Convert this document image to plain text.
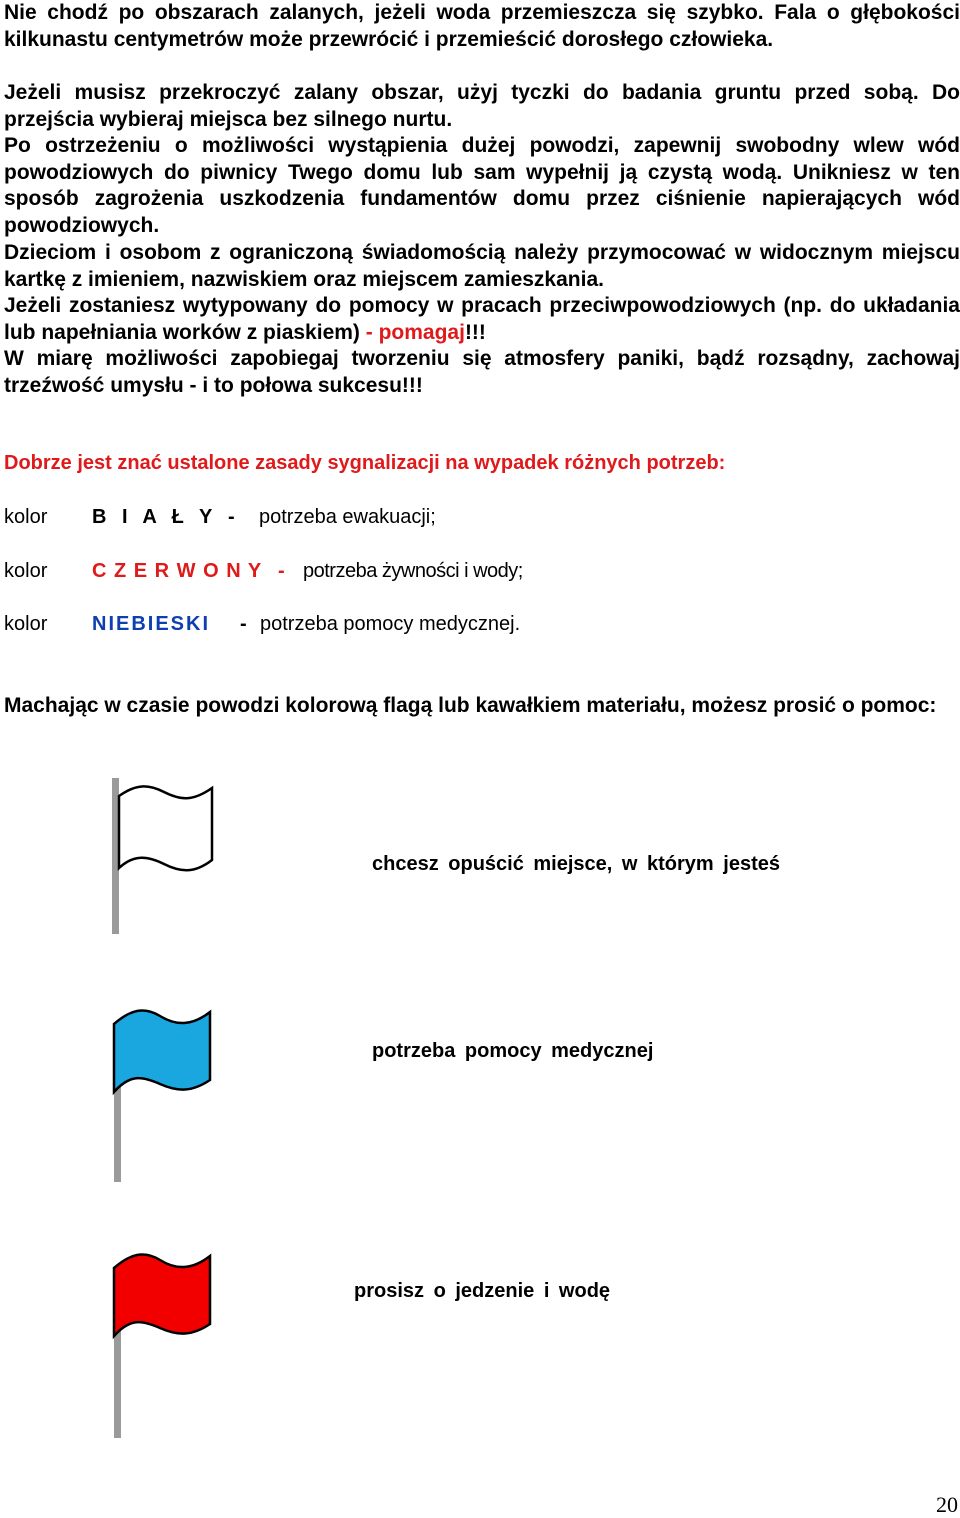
Nie chodź po obszarach zalanych, jeżeli woda przemieszcza się szybko. Fala o głębokości kilkunastu centymetrów może przewrócić i przemieścić dorosłego człowieka.

Jeżeli musisz przekroczyć zalany obszar, użyj tyczki do badania gruntu przed sobą. Do przejścia wybieraj miejsca bez silnego nurtu.

Po ostrzeżeniu o możliwości wystąpienia dużej powodzi, zapewnij swobodny wlew wód powodziowych do piwnicy Twego domu lub sam wypełnij ją czystą wodą. Unikniesz w ten sposób zagrożenia uszkodzenia fundamentów domu przez ciśnienie napierających wód powodziowych.

Dzieciom i osobom z ograniczoną świadomością należy przymocować w widocznym miejscu kartkę z imieniem, nazwiskiem oraz miejscem zamieszkania.

Jeżeli zostaniesz wytypowany do pomocy w pracach przeciwpowodziowych (np. do układania lub napełniania worków z piaskiem) - pomagaj!!!

W miarę możliwości zapobiegaj tworzeniu się atmosfery paniki, bądź rozsądny, zachowaj trzeźwość umysłu - i to połowa sukcesu!!!

Dobrze jest znać ustalone zasady sygnalizacji na wypadek różnych potrzeb:
kolor B I A Ł Y - potrzeba ewakuacji;
kolor C Z E R W O N Y - potrzeba żywności i wody;
kolor NIEBIESKI - potrzeba pomocy medycznej.

Machając w czasie powodzi kolorową flagą lub kawałkiem materiału, możesz prosić o pomoc:

chcesz opuścić miejsce, w którym jesteś
potrzeba pomocy medycznej
prosisz o jedzenie i wodę
20
